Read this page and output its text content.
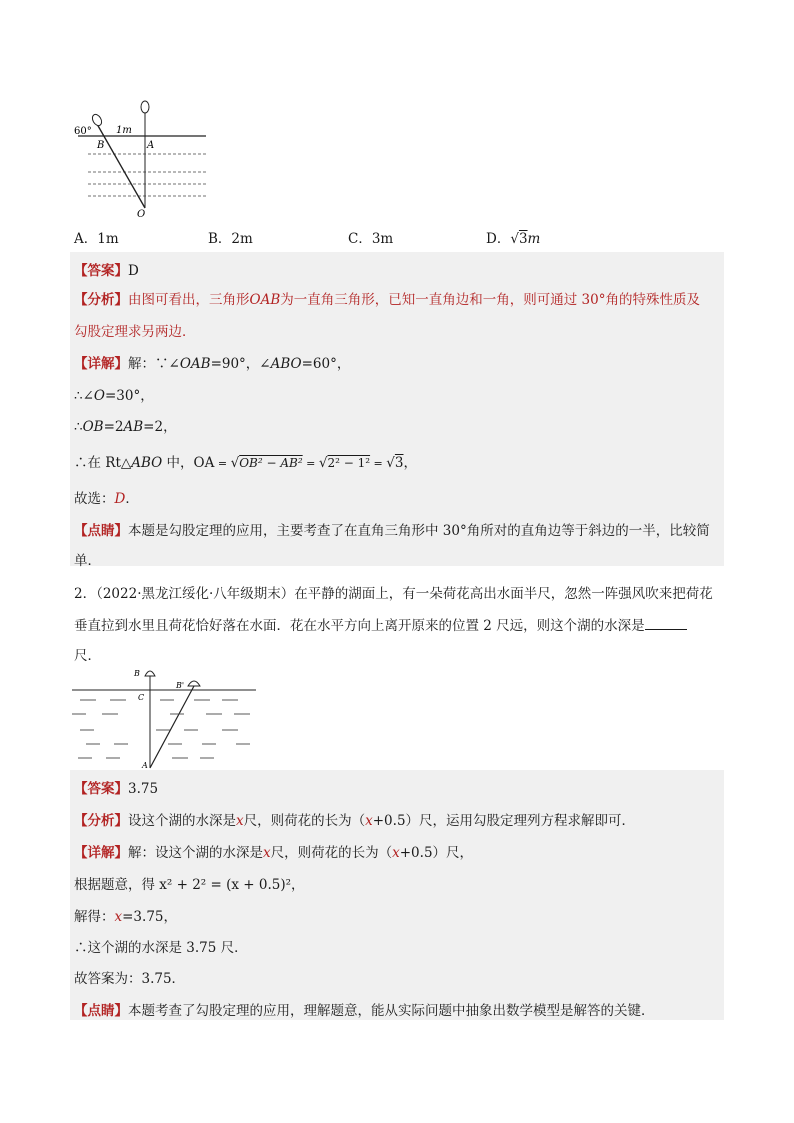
60° 1m
B	A
O
A．1m	B．2m	C．3m	D．√3m
【答案】D
【分析】由图可看出，三角形OAB为一直角三角形，已知一直角边和一角，则可通过 30°角的特殊性质及
勾股定理求另两边．
【详解】解：∵∠OAB=90°，∠ABO=60°，
∴∠O=30°，
∴OB=2AB=2，
∴在 Rt△ABO 中，OA = √OB² − AB² = √2² − 1² = √3，
故选：D．
【点睛】本题是勾股定理的应用，主要考查了在直角三角形中 30°角所对的直角边等于斜边的一半，比较简
单．
2．（2022·黑龙江绥化·八年级期末）在平静的湖面上，有一朵荷花高出水面半尺，忽然一阵强风吹来把荷花
垂直拉到水里且荷花恰好落在水面．花在水平方向上离开原来的位置 2 尺远，则这个湖的水深是
尺．
B
B'
C
A
【答案】3.75
【分析】设这个湖的水深是x尺，则荷花的长为（x+0.5）尺，运用勾股定理列方程求解即可．
【详解】解：设这个湖的水深是x尺，则荷花的长为（x+0.5）尺，
根据题意，得 x² + 2² = (x + 0.5)²，
解得：x=3.75，
∴这个湖的水深是 3.75 尺．
故答案为：3.75．
【点睛】本题考查了勾股定理的应用，理解题意，能从实际问题中抽象出数学模型是解答的关键．
